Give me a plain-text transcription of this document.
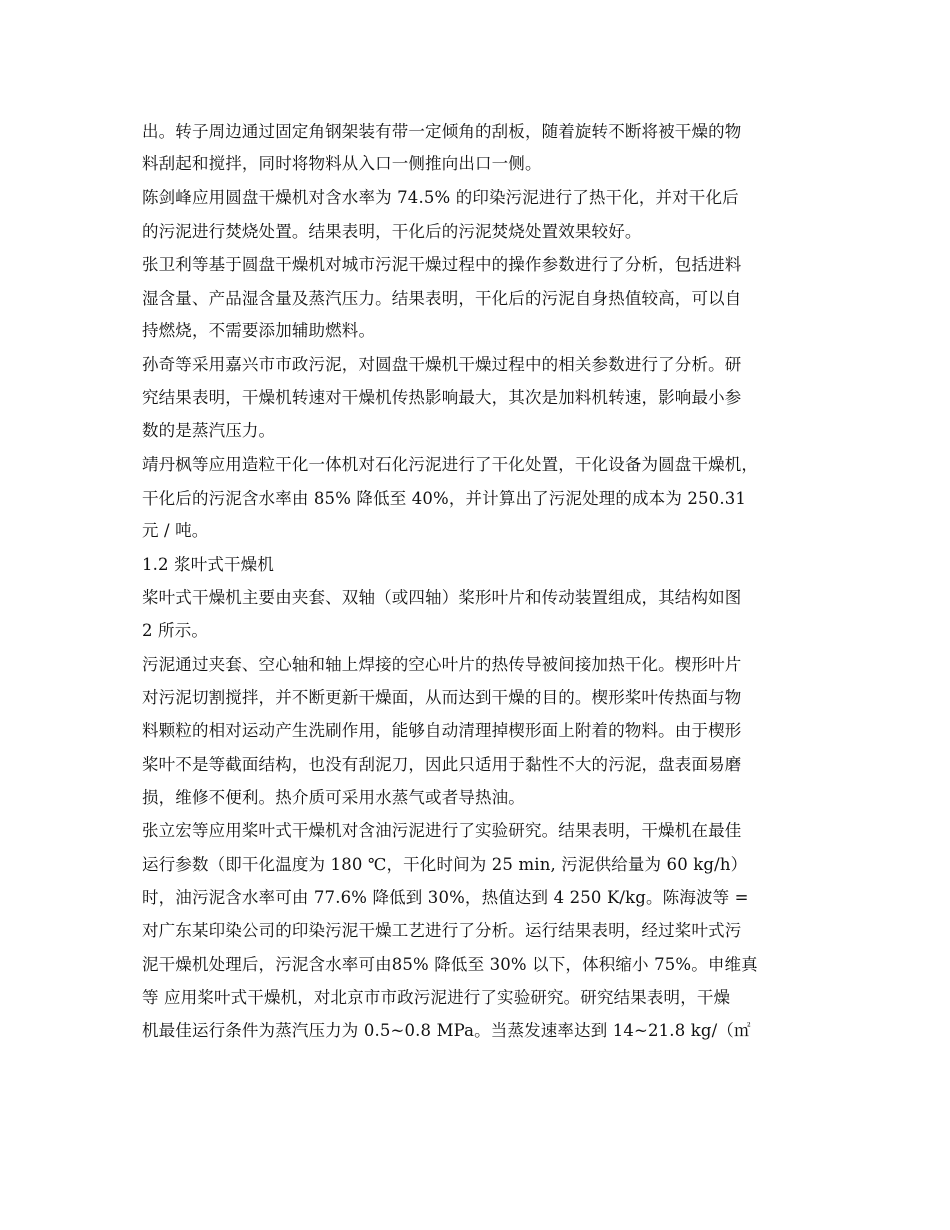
出。转子周边通过固定角钢架装有带一定倾角的刮板，随着旋转不断将被干燥的物
料刮起和搅拌，同时将物料从入口一侧推向出口一侧。
陈剑峰应用圆盘干燥机对含水率为 74.5% 的印染污泥进行了热干化，并对干化后
的污泥进行焚烧处置。结果表明，干化后的污泥焚烧处置效果较好。
张卫利等基于圆盘干燥机对城市污泥干燥过程中的操作参数进行了分析，包括进料
湿含量、产品湿含量及蒸汽压力。结果表明，干化后的污泥自身热值较高，可以自
持燃烧，不需要添加辅助燃料。
孙奇等采用嘉兴市市政污泥，对圆盘干燥机干燥过程中的相关参数进行了分析。研
究结果表明，干燥机转速对干燥机传热影响最大，其次是加料机转速，影响最小参
数的是蒸汽压力。
靖丹枫等应用造粒干化一体机对石化污泥进行了干化处置，干化设备为圆盘干燥机，
干化后的污泥含水率由 85% 降低至 40%，并计算出了污泥处理的成本为 250.31
元 / 吨。
1.2 浆叶式干燥机
桨叶式干燥机主要由夹套、双轴（或四轴）桨形叶片和传动装置组成，其结构如图
2 所示。
污泥通过夹套、空心轴和轴上焊接的空心叶片的热传导被间接加热干化。楔形叶片
对污泥切割搅拌，并不断更新干燥面，从而达到干燥的目的。楔形桨叶传热面与物
料颗粒的相对运动产生洗刷作用，能够自动清理掉楔形面上附着的物料。由于楔形
桨叶不是等截面结构，也没有刮泥刀，因此只适用于黏性不大的污泥，盘表面易磨
损，维修不便利。热介质可采用水蒸气或者导热油。
张立宏等应用桨叶式干燥机对含油污泥进行了实验研究。结果表明，干燥机在最佳
运行参数（即干化温度为 180 ℃，干化时间为 25 min, 污泥供给量为 60 kg/h）
时，油污泥含水率可由 77.6% 降低到 30%，热值达到 4 250 K/kg。陈海波等 =
对广东某印染公司的印染污泥干燥工艺进行了分析。运行结果表明，经过桨叶式污
泥干燥机处理后，污泥含水率可由85% 降低至 30% 以下，体积缩小 75%。申维真
等 应用桨叶式干燥机，对北京市市政污泥进行了实验研究。研究结果表明，干燥
机最佳运行条件为蒸汽压力为 0.5~0.8 MPa。当蒸发速率达到 14~21.8 kg/（㎡
